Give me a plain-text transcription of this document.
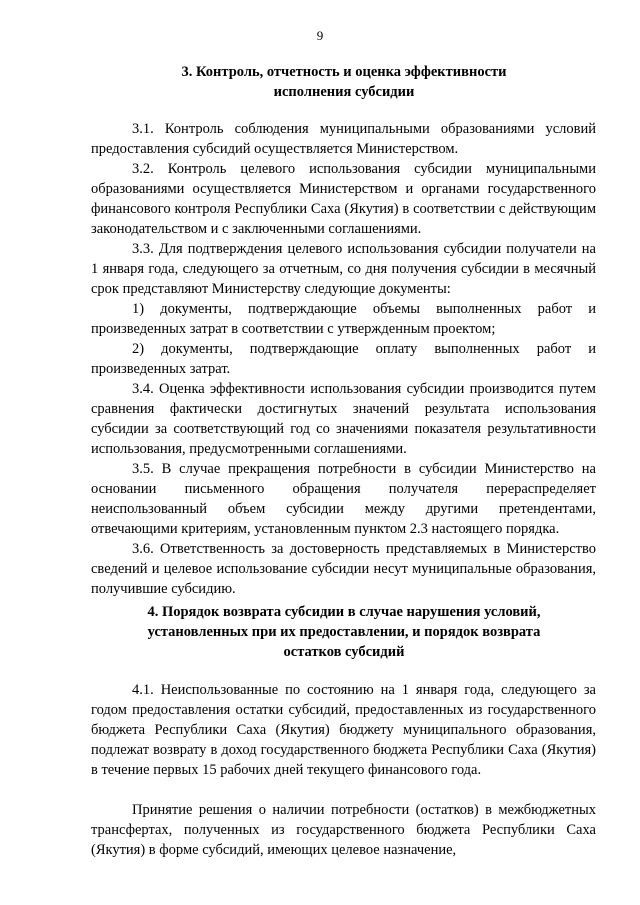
9
3. Контроль, отчетность и оценка эффективности
исполнения субсидии

3.1. Контроль соблюдения муниципальными образованиями условий предоставления субсидий осуществляется Министерством.

3.2. Контроль целевого использования субсидии муниципальными образованиями осуществляется Министерством и органами государственного финансового контроля Республики Саха (Якутия) в соответствии с действующим законодательством и с заключенными соглашениями.

3.3. Для подтверждения целевого использования субсидии получатели на 1 января года, следующего за отчетным, со дня получения субсидии в месячный срок представляют Министерству следующие документы:

1) документы, подтверждающие объемы выполненных работ и произведенных затрат в соответствии с утвержденным проектом;

2) документы, подтверждающие оплату выполненных работ и произведенных затрат.

3.4. Оценка эффективности использования субсидии производится путем сравнения фактически достигнутых значений результата использования субсидии за соответствующий год со значениями показателя результативности использования, предусмотренными соглашениями.

3.5. В случае прекращения потребности в субсидии Министерство на основании письменного обращения получателя перераспределяет неиспользованный объем субсидии между другими претендентами, отвечающими критериям, установленным пунктом 2.3 настоящего порядка.

3.6. Ответственность за достоверность представляемых в Министерство сведений и целевое использование субсидии несут муниципальные образования, получившие субсидию.

4. Порядок возврата субсидии в случае нарушения условий,
установленных при их предоставлении, и порядок возврата
остатков субсидий

4.1. Неиспользованные по состоянию на 1 января года, следующего за годом предоставления остатки субсидий, предоставленных из государственного бюджета Республики Саха (Якутия) бюджету муниципального образования, подлежат возврату в доход государственного бюджета Республики Саха (Якутия) в течение первых 15 рабочих дней текущего финансового года.

Принятие решения о наличии потребности (остатков) в межбюджетных трансфертах, полученных из государственного бюджета Республики Саха (Якутия) в форме субсидий, имеющих целевое назначение,
